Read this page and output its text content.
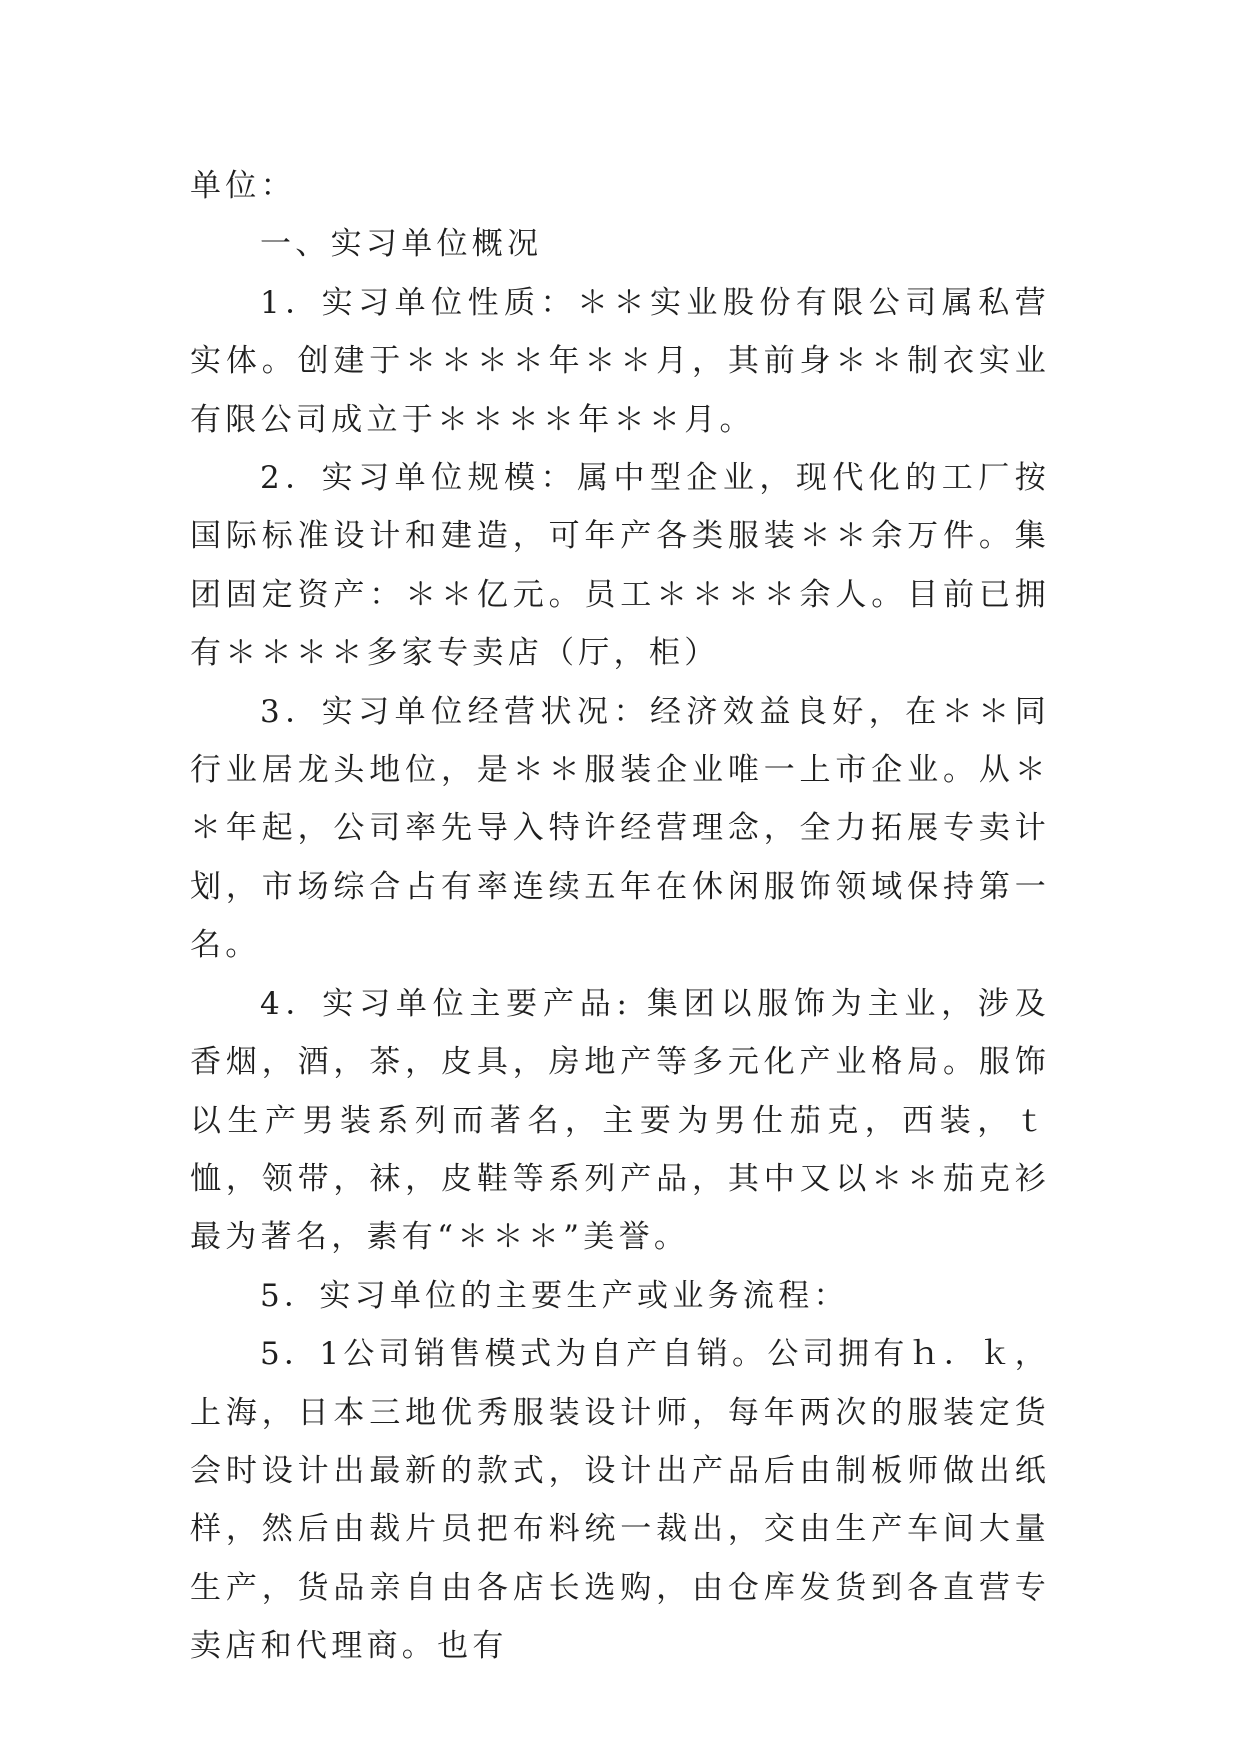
单位：

一、实习单位概况

1．实习单位性质：＊＊实业股份有限公司属私营实体。创建于＊＊＊＊年＊＊月，其前身＊＊制衣实业有限公司成立于＊＊＊＊年＊＊月。

2．实习单位规模：属中型企业，现代化的工厂按国际标准设计和建造，可年产各类服装＊＊余万件。集团固定资产：＊＊亿元。员工＊＊＊＊余人。目前已拥有＊＊＊＊多家专卖店（厅，柜）

3．实习单位经营状况：经济效益良好，在＊＊同行业居龙头地位，是＊＊服装企业唯一上市企业。从＊＊年起，公司率先导入特许经营理念，全力拓展专卖计划，市场综合占有率连续五年在休闲服饰领域保持第一名。

4．实习单位主要产品: 集团以服饰为主业，涉及香烟，酒，茶，皮具，房地产等多元化产业格局。服饰以生产男装系列而著名，主要为男仕茄克，西装，ｔ恤，领带，袜，皮鞋等系列产品，其中又以＊＊茄克衫最为著名，素有“＊＊＊”美誉。

5．实习单位的主要生产或业务流程：

5．1公司销售模式为自产自销。公司拥有ｈ．ｋ，上海，日本三地优秀服装设计师，每年两次的服装定货会时设计出最新的款式，设计出产品后由制板师做出纸样，然后由裁片员把布料统一裁出，交由生产车间大量生产，货品亲自由各店长选购，由仓库发货到各直营专卖店和代理商。也有
